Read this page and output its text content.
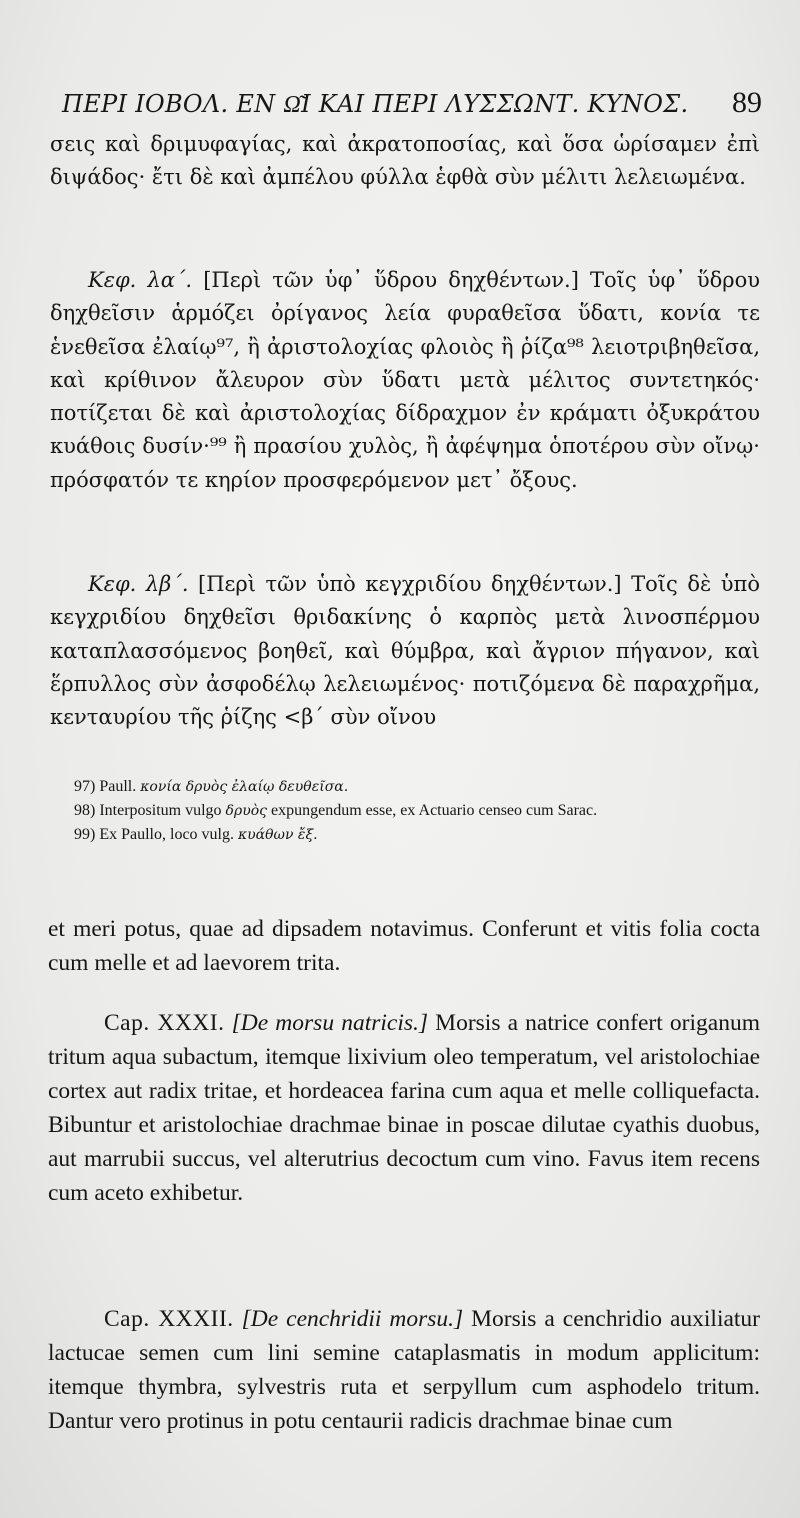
ΠΕΡΙ ΙΟΒΟΛ. ΕΝ Ω͂Ι ΚΑΙ ΠΕΡΙ ΛΥΣΣΩΝΤ. ΚΥΝΟΣ. 89

σεις καὶ δριμυφαγίας, καὶ ἀκρατοποσίας, καὶ ὅσα ὡρίσαμεν ἐπὶ διψάδος· ἔτι δὲ καὶ ἀμπέλου φύλλα ἑφθὰ σὺν μέλιτι λελειωμένα.

Κεφ. λα΄. [Περὶ τῶν ὑφ᾿ ὕδρου δηχθέντων.] Τοῖς ὑφ᾿ ὕδρου δηχθεῖσιν ἁρμόζει ὀρίγανος λεία φυραθεῖσα ὕδατι, κονία τε ἑνεθεῖσα ἐλαίῳ⁹⁷, ἢ ἀριστολοχίας φλοιὸς ἢ ῥίζα⁹⁸ λειοτριβηθεῖσα, καὶ κρίθινον ἄλευρον σὺν ὕδατι μετὰ μέλιτος συντετηκός· ποτίζεται δὲ καὶ ἀριστολοχίας δίδραχμον ἐν κράματι ὀξυκράτου κυάθοις δυσίν·⁹⁹ ἢ πρασίου χυλὸς, ἢ ἀφέψημα ὁποτέρου σὺν οἴνῳ· πρόσφατόν τε κηρίον προσφερόμενον μετ᾿ ὄξους.

Κεφ. λβ΄. [Περὶ τῶν ὑπὸ κεγχριδίου δηχθέντων.] Τοῖς δὲ ὑπὸ κεγχριδίου δηχθεῖσι θριδακίνης ὁ καρπὸς μετὰ λινοσπέρμου καταπλασσόμενος βοηθεῖ, καὶ θύμβρα, καὶ ἄγριον πήγανον, καὶ ἕρπυλλος σὺν ἀσφοδέλῳ λελειωμένος· ποτιζόμενα δὲ παραχρῆμα, κενταυρίου τῆς ῥίζης <β΄ σὺν οἴνου

97) Paull. κονία δρυὸς ἐλαίῳ δευθεῖσα.

98) Interpositum vulgo δρυὸς expungendum esse, ex Actuario censeo cum Sarac.

99) Ex Paullo, loco vulg. κυάθων ἔξ.

et meri potus, quae ad dipsadem notavimus. Conferunt et vitis folia cocta cum melle et ad laevorem trita.

Cap. XXXI. [De morsu natricis.] Morsis a natrice confert origanum tritum aqua subactum, itemque lixivium oleo temperatum, vel aristolochiae cortex aut radix tritae, et hordeacea farina cum aqua et melle colliquefacta. Bibuntur et aristolochiae drachmae binae in poscae dilutae cyathis duobus, aut marrubii succus, vel alterutrius decoctum cum vino. Favus item recens cum aceto exhibetur.

Cap. XXXII. [De cenchridii morsu.] Morsis a cenchridio auxiliatur lactucae semen cum lini semine cataplasmatis in modum applicitum: itemque thymbra, sylvestris ruta et serpyllum cum asphodelo tritum. Dantur vero protinus in potu centaurii radicis drachmae binae cum
